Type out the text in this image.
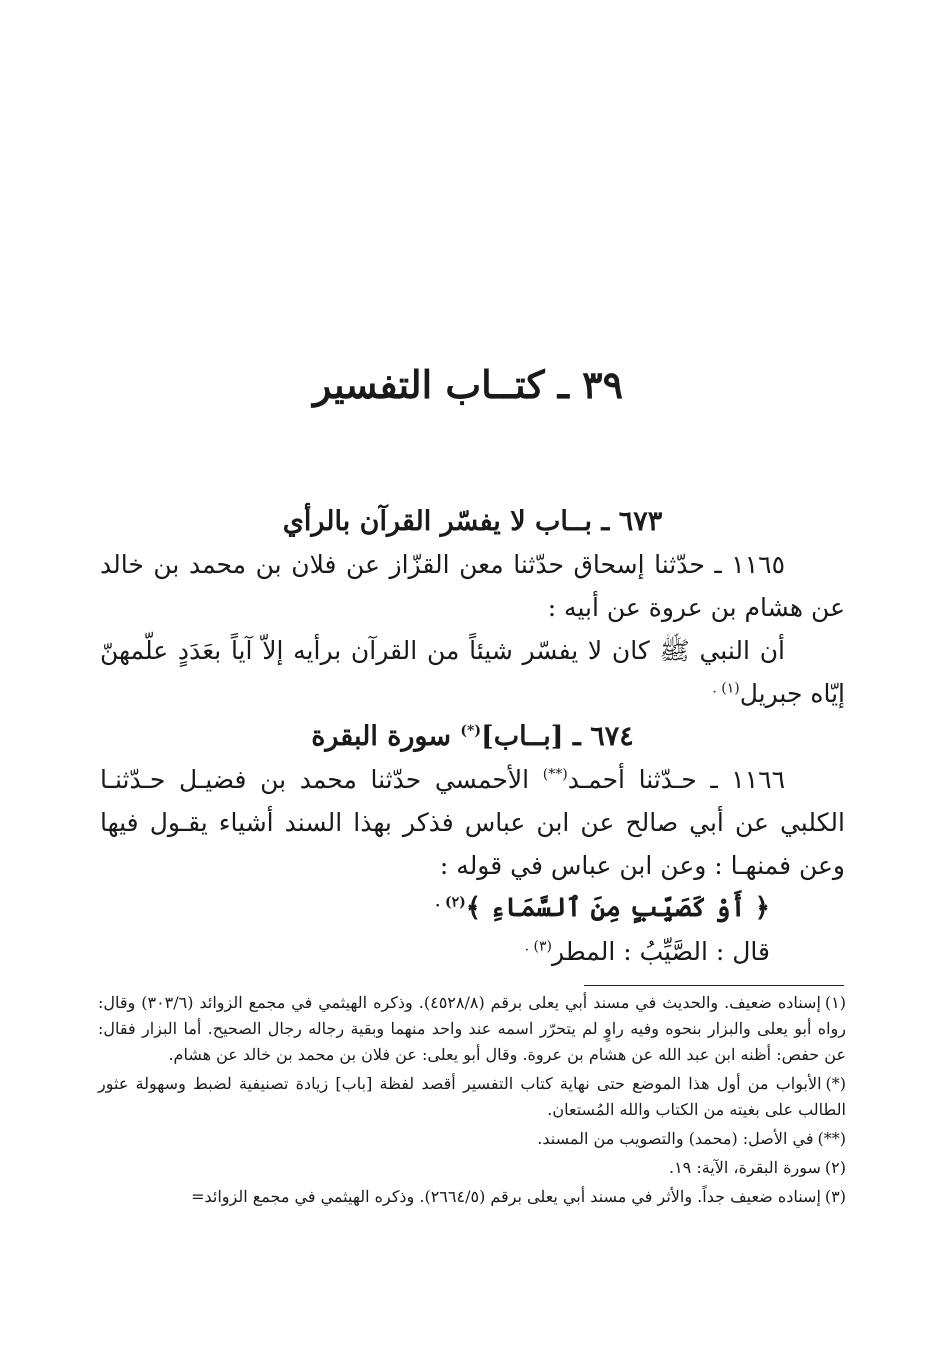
٣٩ ـ كتــاب التفسير

٦٧٣ ـ بــاب لا يفسّر القرآن بالرأي

١١٦٥ ـ حدّثنا إسحاق حدّثنا معن القزّاز عن فلان بن محمد بن خالد عن هشام بن عروة عن أبيه :

أن النبي ﷺ كان لا يفسّر شيئاً من القرآن برأيه إلاّ آياً بعَدَدٍ علّمهنّ إيّاه جبريل$^{(١) .}$

٦٧٤ ـ [بــاب](*) سورة البقرة

١١٦٦ ـ حـدّثنا أحمـد(**) الأحمسي حدّثنا محمد بن فضيـل حـدّثنـا الكلبي عن أبي صالح عن ابن عباس فذكر بهذا السند أشياء يقـول فيها وعن فمنهـا : وعن ابن عباس في قوله :

﴿ أَوْ كَصَيِّبٍ مِنَ ٱلسَّمَاءِ ﴾$^{(٢) .}$

قال : الصَّيِّبُ : المطر$^{(٣) .}$

(١)إسناده ضعيف. والحديث في مسند أبي يعلى برقم (٤٥٢٨/٨). وذكره الهيثمي في مجمع الزوائد (٣٠٣/٦) وقال: رواه أبو يعلى والبزار بنحوه وفيه راوٍ لم يتحرّر اسمه عند واحد منهما وبقية رجاله رجال الصحيح. أما البزار فقال: عن حفص: أظنه ابن عبد الله عن هشام بن عروة. وقال أبو يعلى: عن فلان بن محمد بن خالد عن هشام.

(*)الأبواب من أول هذا الموضع حتى نهاية كتاب التفسير أقصد لفظة [باب] زيادة تصنيفية لضبط وسهولة عثور الطالب على بغيته من الكتاب والله المُستعان.

(**)في الأصل: (محمد) والتصويب من المسند.

(٢)سورة البقرة، الآية: ١٩.

(٣)إسناده ضعيف جداً. والأثر في مسند أبي يعلى برقم (٢٦٦٤/٥). وذكره الهيثمي في مجمع الزوائد=
